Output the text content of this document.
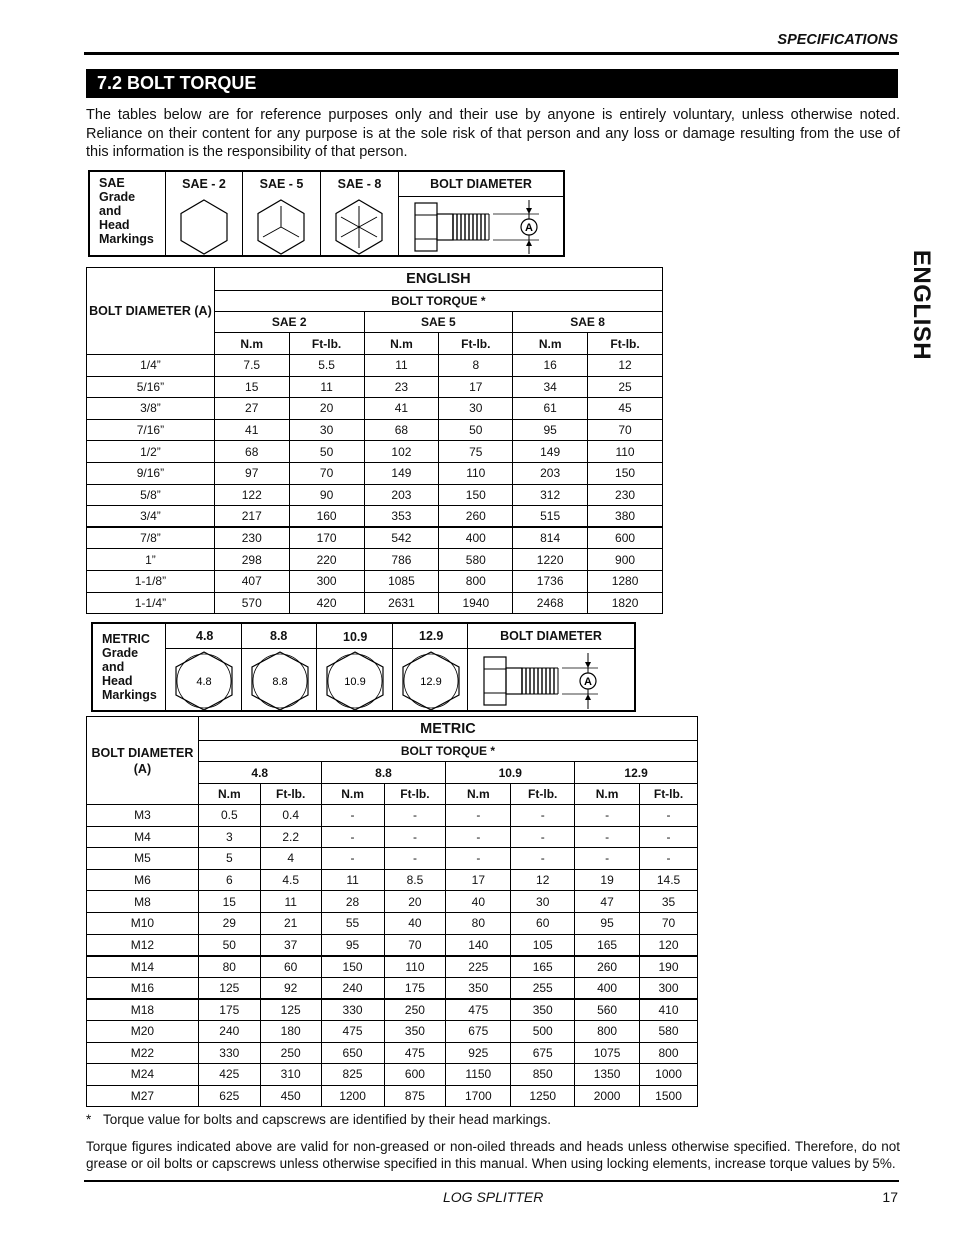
SPECIFICATIONS
7.2 BOLT TORQUE
The tables below are for reference purposes only and their use by anyone is entirely voluntary, unless otherwise noted. Reliance on their content for any purpose is at the sole risk of that person and any loss or damage resulting from the use of this information is the responsibility of that person.
ENGLISH
SAE
Grade
and
Head
Markings
SAE - 2	SAE - 5	SAE - 8	BOLT DIAMETER
A
BOLT DIAMETER (A)	ENGLISH					
	BOLT TORQUE *					
	SAE 2		SAE 5		SAE 8	
	N.m	Ft-lb.	N.m	Ft-lb.	N.m	Ft-lb.
1/4”	7.5	5.5	11	8	16	12
5/16”	15	11	23	17	34	25
3/8”	27	20	41	30	61	45
7/16”	41	30	68	50	95	70
1/2”	68	50	102	75	149	110
9/16”	97	70	149	110	203	150
5/8”	122	90	203	150	312	230
3/4”	217	160	353	260	515	380
7/8”	230	170	542	400	814	600
1”	298	220	786	580	1220	900
1-1/8”	407	300	1085	800	1736	1280
1-1/4”	570	420	2631	1940	2468	1820
METRIC
Grade
and
Head
Markings
4.8
4.8
8.8
8.8
10.9
10.9
12.9
12.9
BOLT DIAMETER
A
BOLT DIAMETER (A)	METRIC							
	BOLT TORQUE *							
	4.8		8.8		10.9		12.9	
	N.m	Ft-lb.	N.m	Ft-lb.	N.m	Ft-lb.	N.m	Ft-lb.
M3	0.5	0.4	-	-	-	-	-	-
M4	3	2.2	-	-	-	-	-	-
M5	5	4	-	-	-	-	-	-
M6	6	4.5	11	8.5	17	12	19	14.5
M8	15	11	28	20	40	30	47	35
M10	29	21	55	40	80	60	95	70
M12	50	37	95	70	140	105	165	120
M14	80	60	150	110	225	165	260	190
M16	125	92	240	175	350	255	400	300
M18	175	125	330	250	475	350	560	410
M20	240	180	475	350	675	500	800	580
M22	330	250	650	475	925	675	1075	800
M24	425	310	825	600	1150	850	1350	1000
M27	625	450	1200	875	1700	1250	2000	1500
* Torque value for bolts and capscrews are identified by their head markings.
Torque figures indicated above are valid for non-greased or non-oiled threads and heads unless otherwise specified. Therefore, do not grease or oil bolts or capscrews unless otherwise specified in this manual. When using locking elements, increase torque values by 5%.
LOG SPLITTER	17
